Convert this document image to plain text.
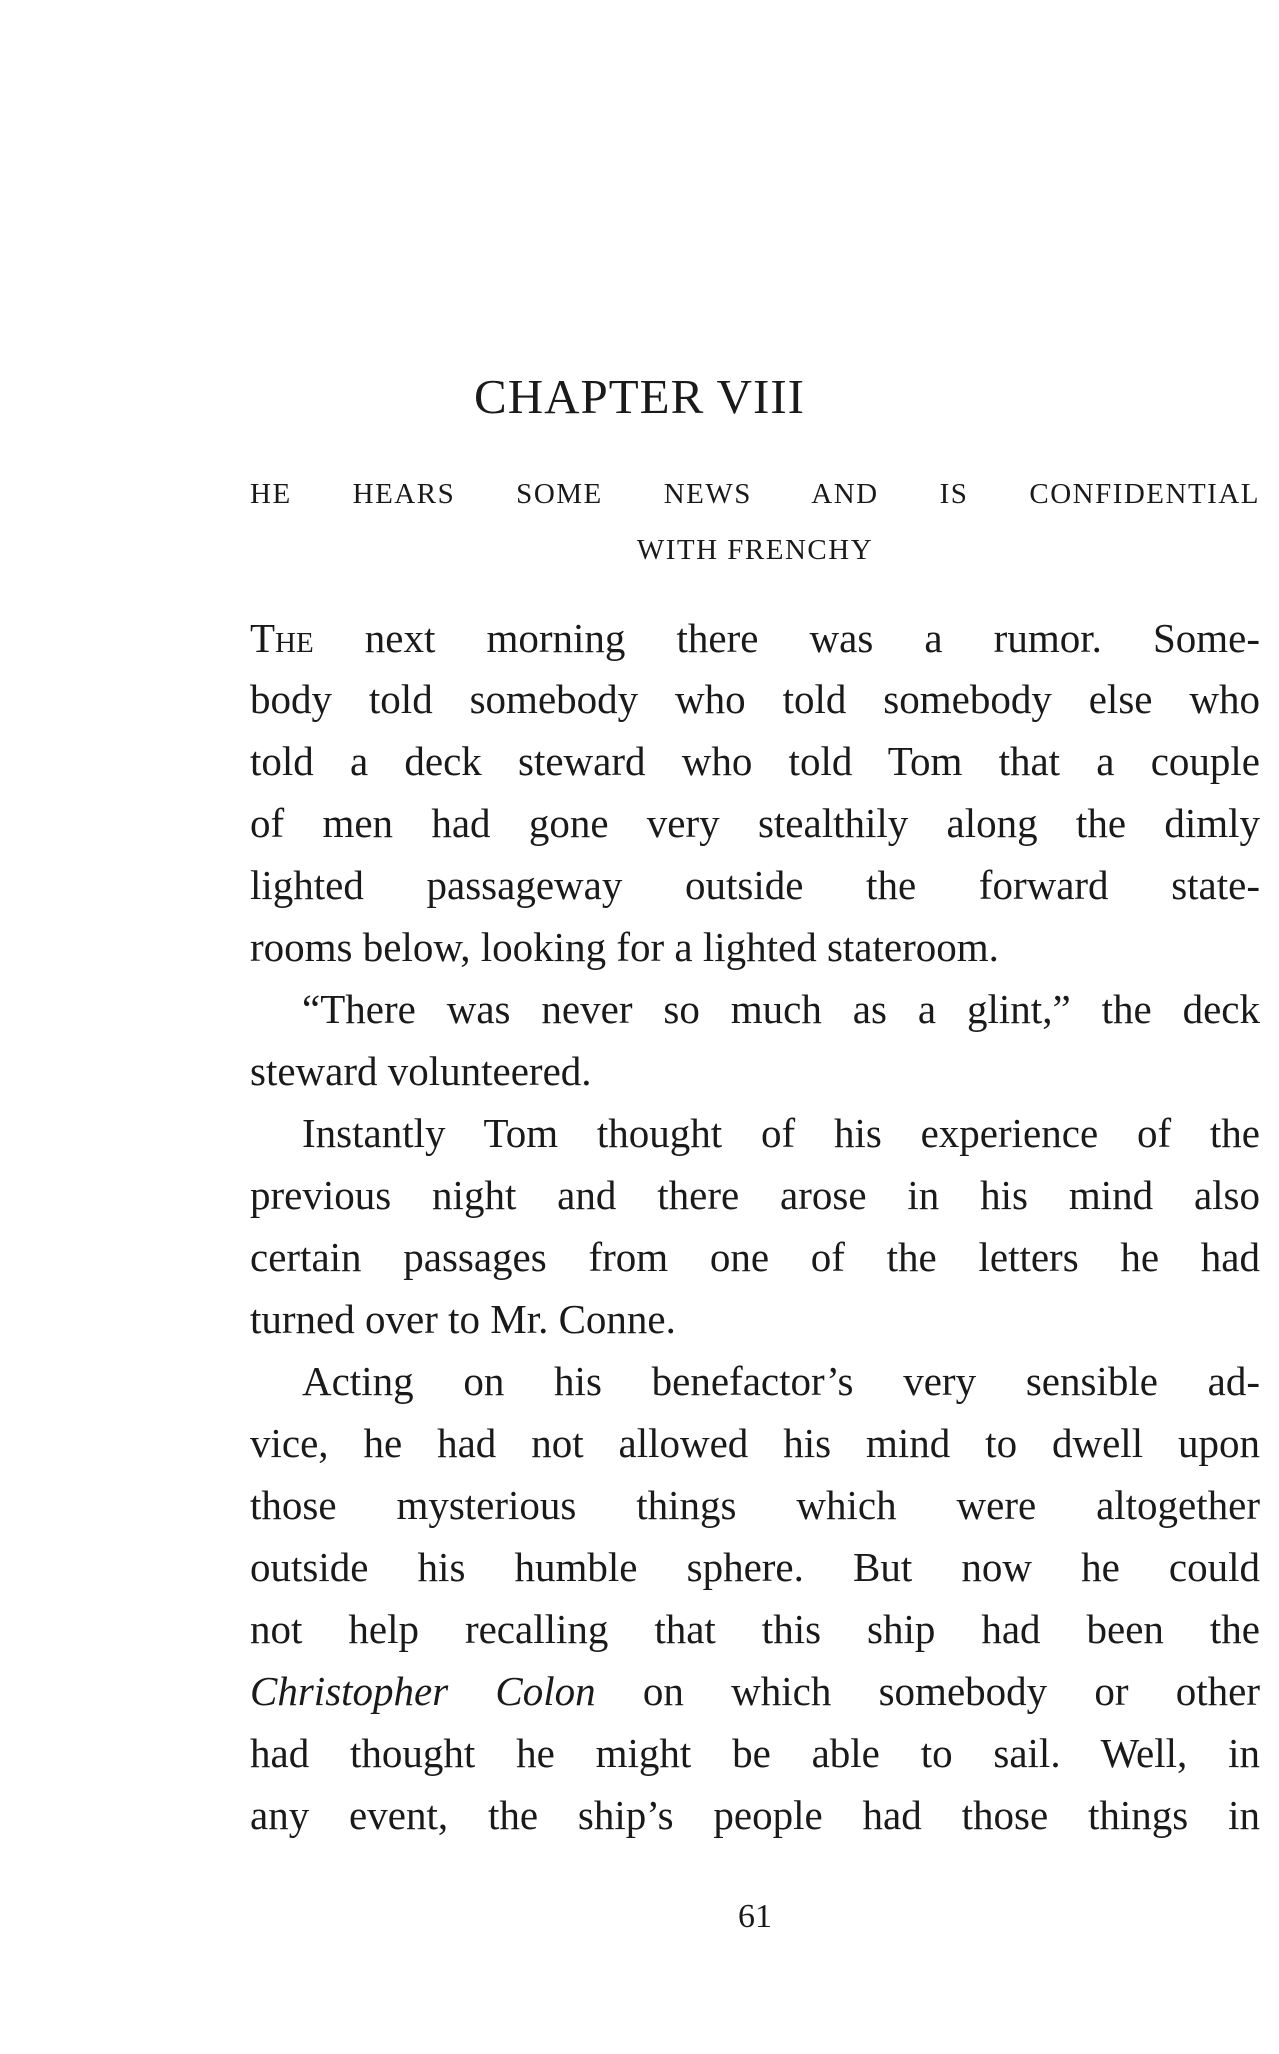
CHAPTER VIII

HE HEARS SOME NEWS AND IS CONFIDENTIAL

WITH FRENCHY

The next morning there was a rumor. Some-

body told somebody who told somebody else who

told a deck steward who told Tom that a couple

of men had gone very stealthily along the dimly

lighted passageway outside the forward state-

rooms below, looking for a lighted stateroom.

“There was never so much as a glint,” the deck

steward volunteered.

Instantly Tom thought of his experience of the

previous night and there arose in his mind also

certain passages from one of the letters he had

turned over to Mr. Conne.

Acting on his benefactor’s very sensible ad-

vice, he had not allowed his mind to dwell upon

those mysterious things which were altogether

outside his humble sphere. But now he could

not help recalling that this ship had been the

Christopher Colon on which somebody or other

had thought he might be able to sail. Well, in

any event, the ship’s people had those things in

61
